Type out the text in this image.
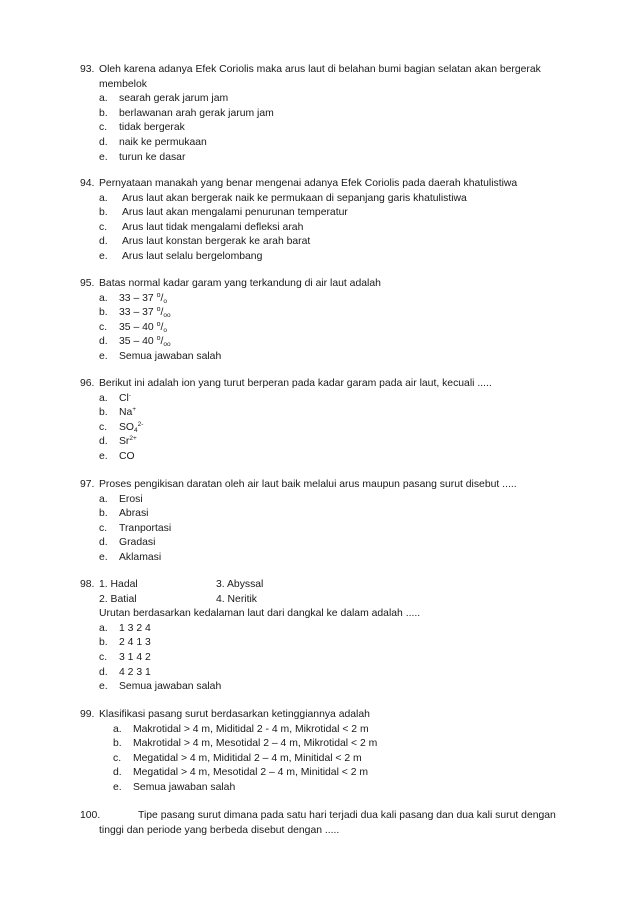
93. Oleh karena adanya Efek Coriolis maka arus laut di belahan bumi bagian selatan akan bergerak
membelok
a. searah gerak jarum jam
b. berlawanan arah gerak jarum jam
c. tidak bergerak
d. naik ke permukaan
e. turun ke dasar
94. Pernyataan manakah yang benar mengenai adanya Efek Coriolis pada daerah khatulistiwa
a. Arus laut akan bergerak naik ke permukaan di sepanjang garis khatulistiwa
b. Arus laut akan mengalami penurunan temperatur
c. Arus laut tidak mengalami defleksi arah
d. Arus laut konstan bergerak ke arah barat
e. Arus laut selalu bergelombang
95. Batas normal kadar garam yang terkandung di air laut adalah
a. 33 – 37 $^o$/o
b. 33 – 37 $^o$/oo
c. 35 – 40 $^o$/o
d. 35 – 40 $^o$/oo
e. Semua jawaban salah
96. Berikut ini adalah ion yang turut berperan pada kadar garam pada air laut, kecuali .....
a. Cl-
b. Na+
c. $SO_4^{2-}$
d. $Sr^{2+}$
e. CO
97. Proses pengikisan daratan oleh air laut baik melalui arus maupun pasang surut disebut .....
a. Erosi
b. Abrasi
c. Tranportasi
d. Gradasi
e. Aklamasi
98. 1. Hadal	3. Abyssal
2. Batial	4. Neritik
Urutan berdasarkan kedalaman laut dari dangkal ke dalam adalah .....
a. 1 3 2 4
b. 2 4 1 3
c. 3 1 4 2
d. 4 2 3 1
e. Semua jawaban salah
99. Klasifikasi pasang surut berdasarkan ketinggiannya adalah
a. Makrotidal > 4 m, Miditidal 2 - 4 m, Mikrotidal < 2 m
b. Makrotidal > 4 m, Mesotidal 2 – 4 m, Mikrotidal < 2 m
c. Megatidal > 4 m, Miditidal 2 – 4 m, Minitidal < 2 m
d. Megatidal > 4 m, Mesotidal 2 – 4 m, Minitidal < 2 m
e. Semua jawaban salah
100.	Tipe pasang surut dimana pada satu hari terjadi dua kali pasang dan dua kali surut dengan
tinggi dan periode yang berbeda disebut dengan .....
